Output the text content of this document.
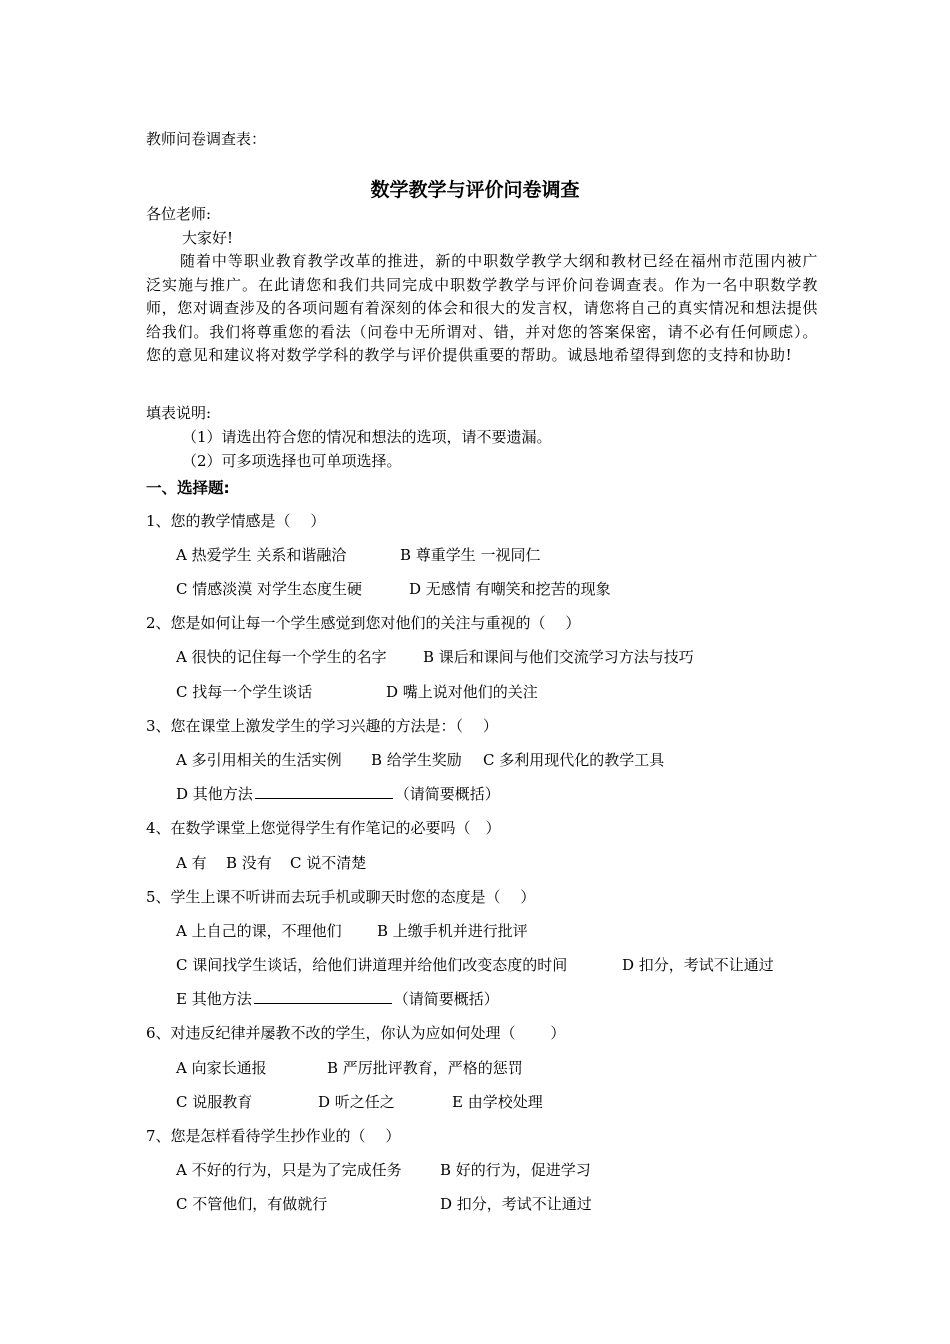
教师问卷调查表：
数学教学与评价问卷调查
各位老师:
大家好!
随着中等职业教育教学改革的推进，新的中职数学教学大纲和教材已经在福州市范围内被广泛实施与推广。在此请您和我们共同完成中职数学教学与评价问卷调查表。作为一名中职数学教师，您对调查涉及的各项问题有着深刻的体会和很大的发言权，请您将自己的真实情况和想法提供给我们。我们将尊重您的看法（问卷中无所谓对、错，并对您的答案保密，请不必有任何顾虑）。您的意见和建议将对数学学科的教学与评价提供重要的帮助。诚恳地希望得到您的支持和协助!
填表说明:
（1）请选出符合您的情况和想法的选项，请不要遗漏。
（2）可多项选择也可单项选择。
一、选择题:
1、您的教学情感是（　 ）
A 热爱学生 关系和谐融洽	B 尊重学生 一视同仁
C 情感淡漠 对学生态度生硬	D 无感情 有嘲笑和挖苦的现象
2、您是如何让每一个学生感觉到您对他们的关注与重视的（　 ）
A 很快的记住每一个学生的名字 B 课后和课间与他们交流学习方法与技巧
C 找每一个学生谈话	D 嘴上说对他们的关注
3、您在课堂上激发学生的学习兴趣的方法是：（　 ）
A 多引用相关的生活实例 B 给学生奖励 C 多利用现代化的教学工具
D 其他方法	（请简要概括）
4、在数学课堂上您觉得学生有作笔记的必要吗（　）
A 有 B 没有 C 说不清楚
5、学生上课不听讲而去玩手机或聊天时您的态度是（　 ）
A 上自己的课，不理他们 B 上缴手机并进行批评
C 课间找学生谈话，给他们讲道理并给他们改变态度的时间	D 扣分，考试不让通过
E 其他方法	（请简要概括）
6、对违反纪律并屡教不改的学生，你认为应如何处理（　　 ）
A 向家长通报	B 严厉批评教育，严格的惩罚
C 说服教育	D 听之任之	E 由学校处理
7、您是怎样看待学生抄作业的（　 ）
A 不好的行为，只是为了完成任务	B 好的行为，促进学习
C 不管他们，有做就行	D 扣分，考试不让通过
